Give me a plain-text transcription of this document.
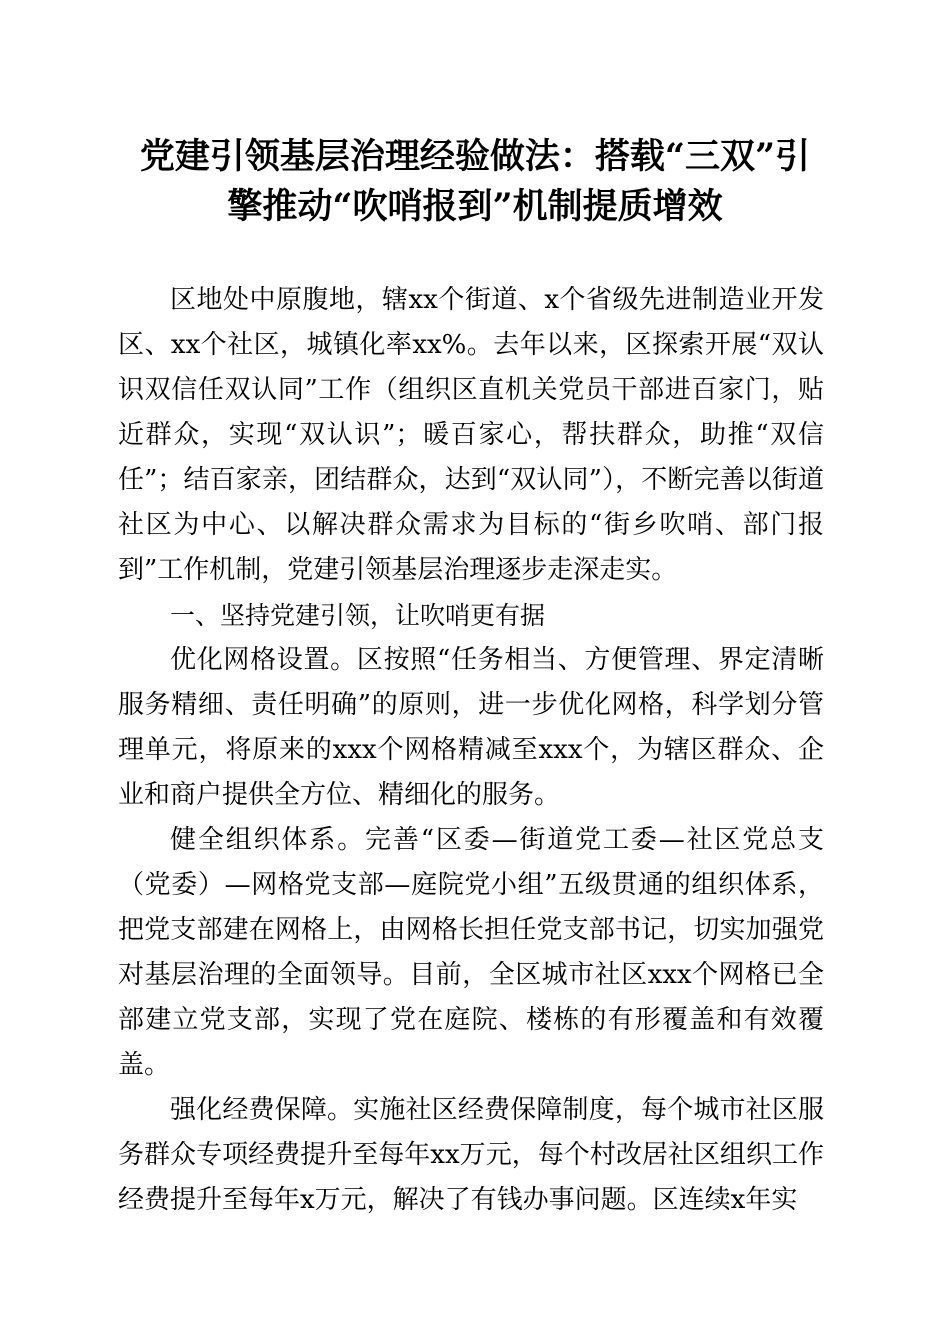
党建引领基层治理经验做法：搭载“三双”引
擎推动“吹哨报到”机制提质增效

区地处中原腹地，辖xx个街道、x个省级先进制造业开发区、xx个社区，城镇化率xx%。去年以来，区探索开展“双认识双信任双认同”工作（组织区直机关党员干部进百家门，贴近群众，实现“双认识”；暖百家心，帮扶群众，助推“双信任”；结百家亲，团结群众，达到“双认同”），不断完善以街道社区为中心、以解决群众需求为目标的“街乡吹哨、部门报到”工作机制，党建引领基层治理逐步走深走实。

一、坚持党建引领，让吹哨更有据

优化网格设置。区按照“任务相当、方便管理、界定清晰服务精细、责任明确”的原则，进一步优化网格，科学划分管理单元，将原来的xxx个网格精减至xxx个，为辖区群众、企业和商户提供全方位、精细化的服务。

健全组织体系。完善“区委—街道党工委—社区党总支（党委）—网格党支部—庭院党小组”五级贯通的组织体系，把党支部建在网格上，由网格长担任党支部书记，切实加强党对基层治理的全面领导。目前，全区城市社区xxx个网格已全部建立党支部，实现了党在庭院、楼栋的有形覆盖和有效覆盖。

强化经费保障。实施社区经费保障制度，每个城市社区服务群众专项经费提升至每年xx万元，每个村改居社区组织工作经费提升至每年x万元，解决了有钱办事问题。区连续x年实
